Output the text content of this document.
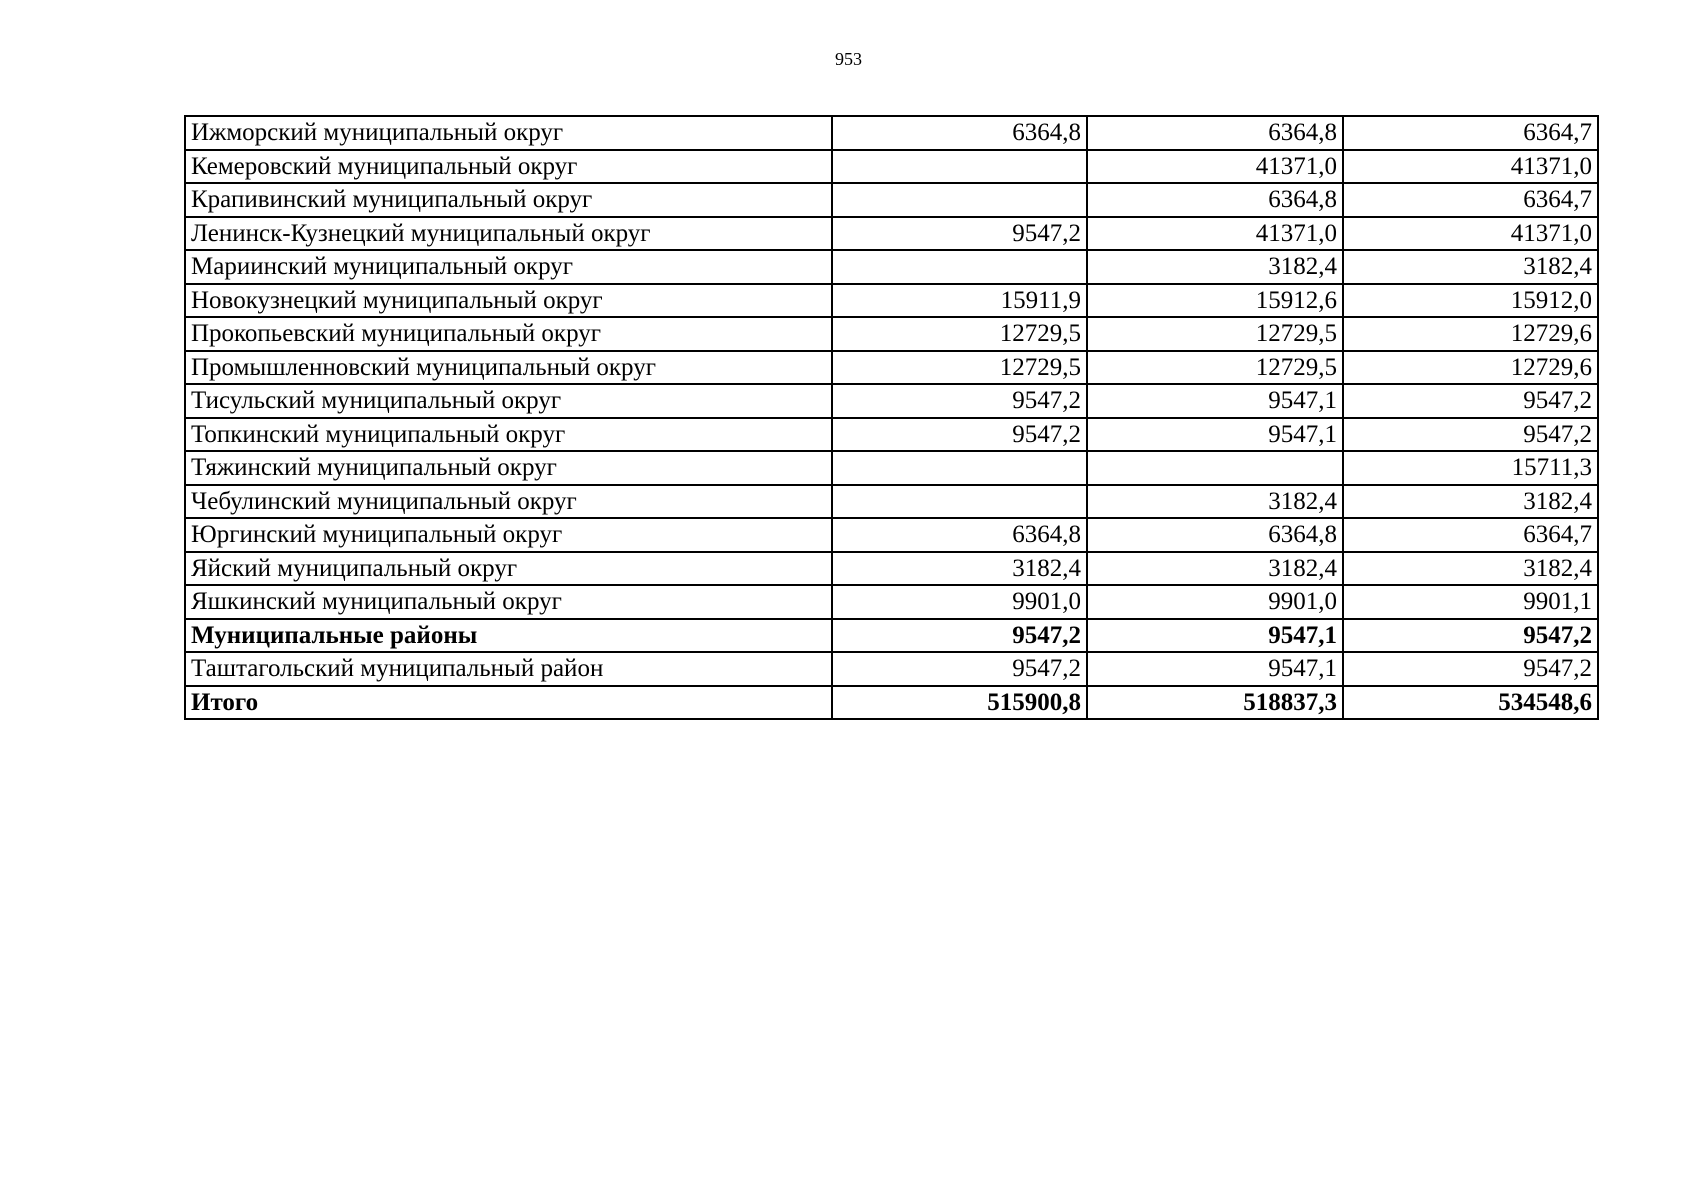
953
Ижморский муниципальный округ	6364,8	6364,8	6364,7
Кемеровский муниципальный округ		41371,0	41371,0
Крапивинский муниципальный округ		6364,8	6364,7
Ленинск-Кузнецкий муниципальный округ	9547,2	41371,0	41371,0
Мариинский муниципальный округ		3182,4	3182,4
Новокузнецкий муниципальный округ	15911,9	15912,6	15912,0
Прокопьевский муниципальный округ	12729,5	12729,5	12729,6
Промышленновский муниципальный округ	12729,5	12729,5	12729,6
Тисульский муниципальный округ	9547,2	9547,1	9547,2
Топкинский муниципальный округ	9547,2	9547,1	9547,2
Тяжинский муниципальный округ			15711,3
Чебулинский муниципальный округ		3182,4	3182,4
Юргинский муниципальный округ	6364,8	6364,8	6364,7
Яйский муниципальный округ	3182,4	3182,4	3182,4
Яшкинский муниципальный округ	9901,0	9901,0	9901,1
Муниципальные районы	9547,2	9547,1	9547,2
Таштагольский муниципальный район	9547,2	9547,1	9547,2
Итого	515900,8	518837,3	534548,6
